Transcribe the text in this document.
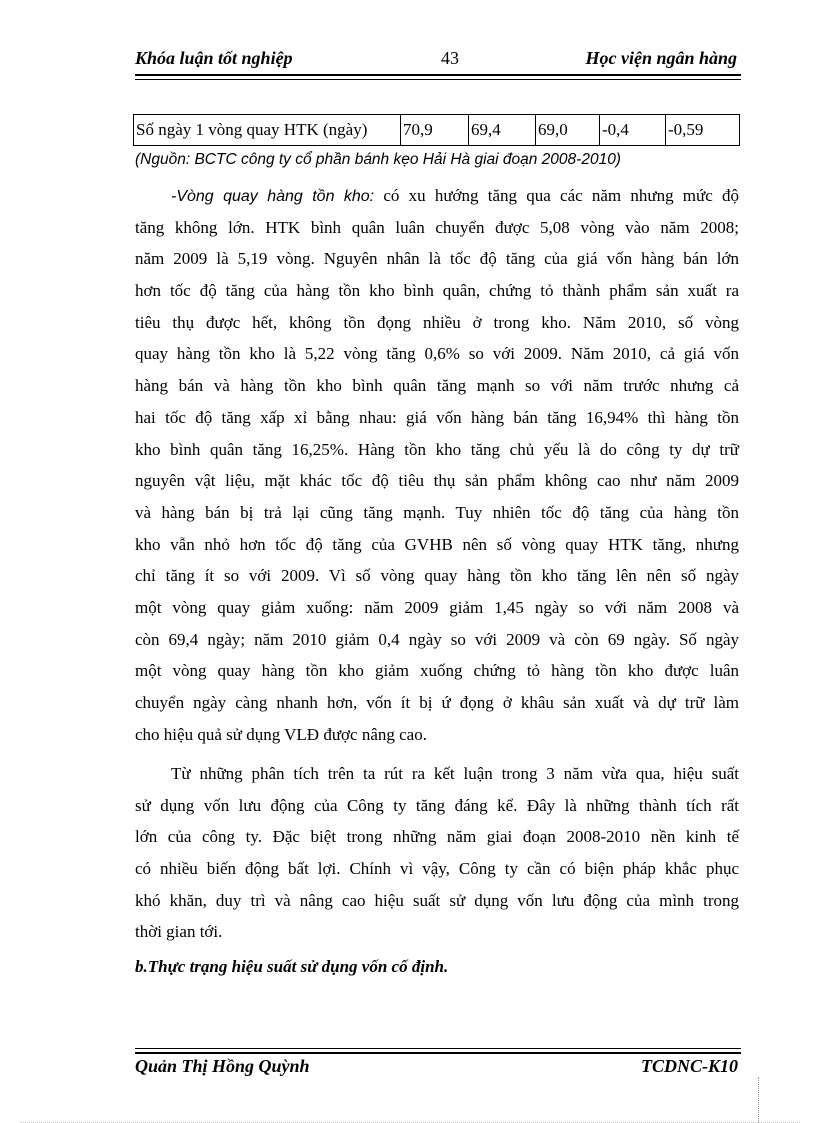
Khóa luận tốt nghiệp	43	Học viện ngân hàng
Số ngày 1 vòng quay HTK (ngày)	70,9	69,4	69,0	-0,4	-0,59
(Nguồn: BCTC công ty cổ phần bánh kẹo Hải Hà giai đoạn 2008-2010)
-Vòng quay hàng tồn kho: có xu hướng tăng qua các năm nhưng mức độ
tăng không lớn. HTK bình quân luân chuyển được 5,08 vòng vào năm 2008;
năm 2009 là 5,19 vòng. Nguyên nhân là tốc độ tăng của giá vốn hàng bán lớn
hơn tốc độ tăng của hàng tồn kho bình quân, chứng tỏ thành phẩm sản xuất ra
tiêu thụ được hết, không tồn đọng nhiều ở trong kho. Năm 2010, số vòng
quay hàng tồn kho là 5,22 vòng tăng 0,6% so với 2009. Năm 2010, cả giá vốn
hàng bán và hàng tồn kho bình quân tăng mạnh so với năm trước nhưng cả
hai tốc độ tăng xấp xỉ bằng nhau: giá vốn hàng bán tăng 16,94% thì hàng tồn
kho bình quân tăng 16,25%. Hàng tồn kho tăng chủ yếu là do công ty dự trữ
nguyên vật liệu, mặt khác tốc độ tiêu thụ sản phẩm không cao như năm 2009
và hàng bán bị trả lại cũng tăng mạnh. Tuy nhiên tốc độ tăng của hàng tồn
kho vẫn nhỏ hơn tốc độ tăng của GVHB nên số vòng quay HTK tăng, nhưng
chỉ tăng ít so với 2009. Vì số vòng quay hàng tồn kho tăng lên nên số ngày
một vòng quay giảm xuống: năm 2009 giảm 1,45 ngày so với năm 2008 và
còn 69,4 ngày; năm 2010 giảm 0,4 ngày so với 2009 và còn 69 ngày. Số ngày
một vòng quay hàng tồn kho giảm xuống chứng tỏ hàng tồn kho được luân
chuyển ngày càng nhanh hơn, vốn ít bị ứ đọng ở khâu sản xuất và dự trữ làm
cho hiệu quả sử dụng VLĐ được nâng cao.
Từ những phân tích trên ta rút ra kết luận trong 3 năm vừa qua, hiệu suất
sử dụng vốn lưu động của Công ty tăng đáng kể. Đây là những thành tích rất
lớn của công ty. Đặc biệt trong những năm giai đoạn 2008-2010 nền kinh tế
có nhiều biến động bất lợi. Chính vì vậy, Công ty cần có biện pháp khắc phục
khó khăn, duy trì và nâng cao hiệu suất sử dụng vốn lưu động của mình trong
thời gian tới.
b.Thực trạng hiệu suất sử dụng vốn cố định.
Quản Thị Hồng Quỳnh	TCDNC-K10
